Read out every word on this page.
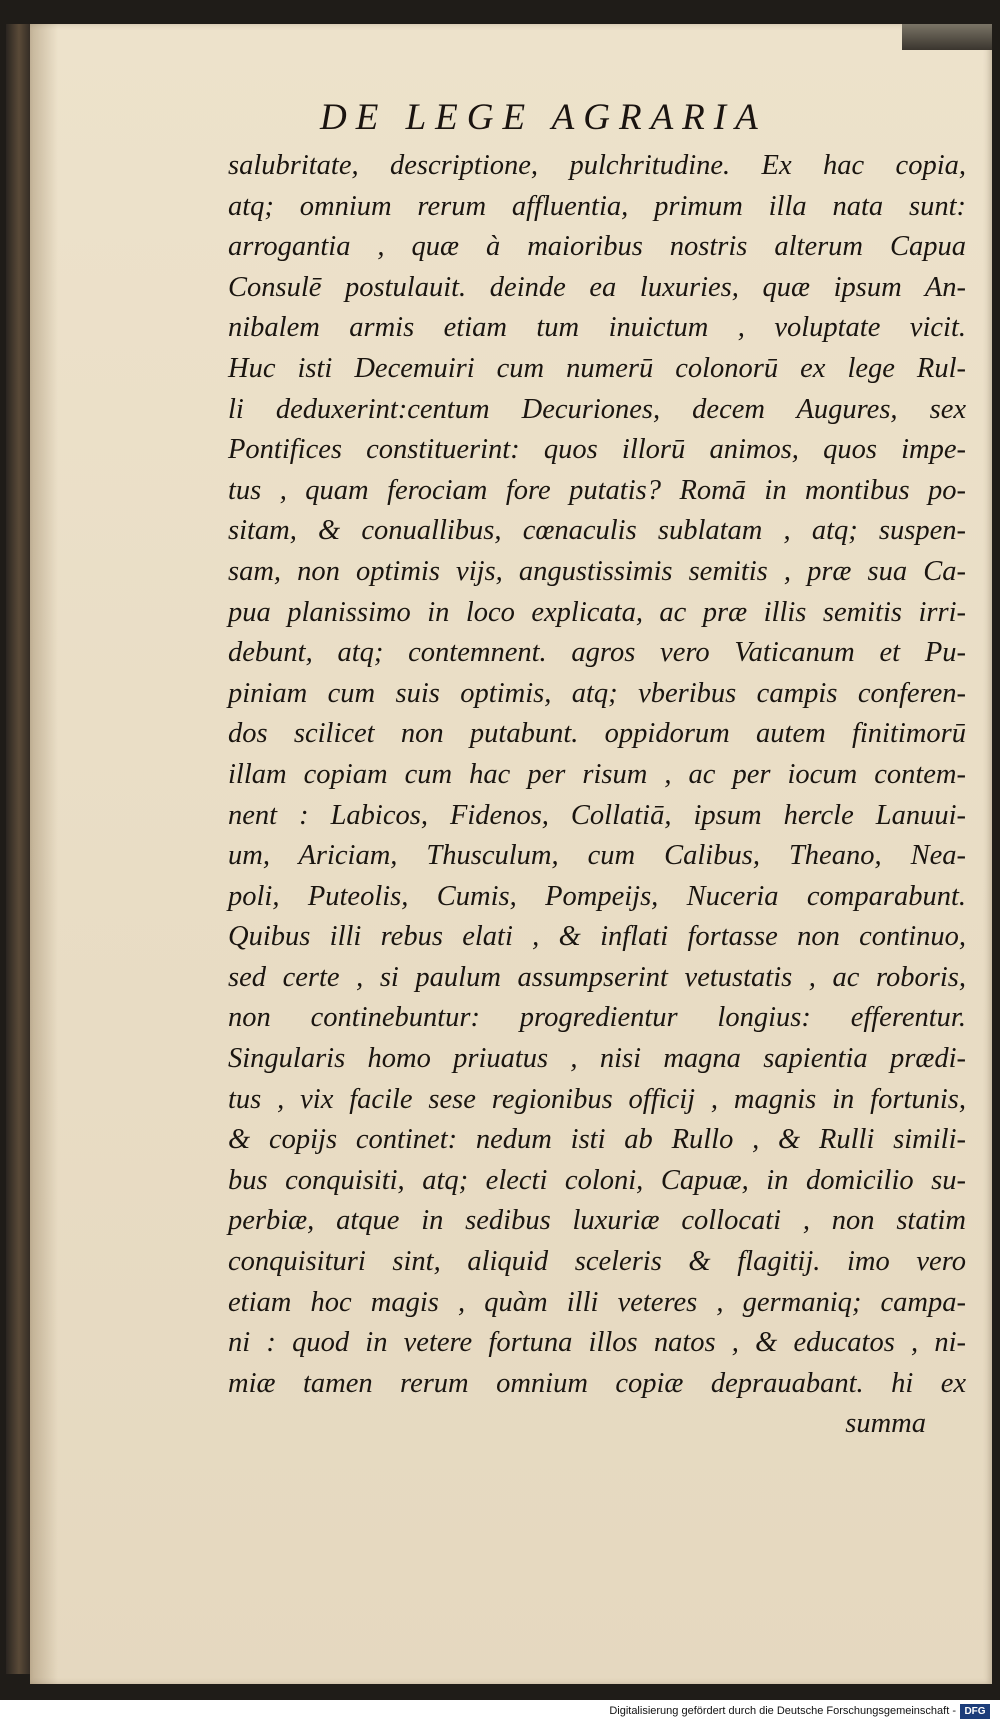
DE LEGE AGRARIA
salubritate, descriptione, pulchritudine. Ex hac copia,
atq; omnium rerum affluentia, primum illa nata sunt:
arrogantia , quæ à maioribus nostris alterum Capua
Consulē postulauit. deinde ea luxuries, quæ ipsum An-
nibalem armis etiam tum inuictum , voluptate vicit.
Huc isti Decemuiri cum numerū colonorū ex lege Rul-
li deduxerint:centum Decuriones, decem Augures, sex
Pontifices constituerint: quos illorū animos, quos impe-
tus , quam ferociam fore putatis? Romā in montibus po-
sitam, & conuallibus, cœnaculis sublatam , atq; suspen-
sam, non optimis vijs, angustissimis semitis , præ sua Ca-
pua planissimo in loco explicata, ac præ illis semitis irri-
debunt, atq; contemnent. agros vero Vaticanum et Pu-
piniam cum suis optimis, atq; vberibus campis conferen-
dos scilicet non putabunt. oppidorum autem finitimorū
illam copiam cum hac per risum , ac per iocum contem-
nent : Labicos, Fidenos, Collatiā, ipsum hercle Lanuui-
um, Ariciam, Thusculum, cum Calibus, Theano, Nea-
poli, Puteolis, Cumis, Pompeijs, Nuceria comparabunt.
Quibus illi rebus elati , & inflati fortasse non continuo,
sed certe , si paulum assumpserint vetustatis , ac roboris,
non continebuntur: progredientur longius: efferentur.
Singularis homo priuatus , nisi magna sapientia prædi-
tus , vix facile sese regionibus officij , magnis in fortunis,
& copijs continet: nedum isti ab Rullo , & Rulli simili-
bus conquisiti, atq; electi coloni, Capuæ, in domicilio su-
perbiæ, atque in sedibus luxuriæ collocati , non statim
conquisituri sint, aliquid sceleris & flagitij. imo vero
etiam hoc magis , quàm illi veteres , germaniq; campa-
ni : quod in vetere fortuna illos natos , & educatos , ni-
miæ tamen rerum omnium copiæ deprauabant. hi ex
summa
Digitalisierung gefördert durch die Deutsche Forschungsgemeinschaft - DFG
